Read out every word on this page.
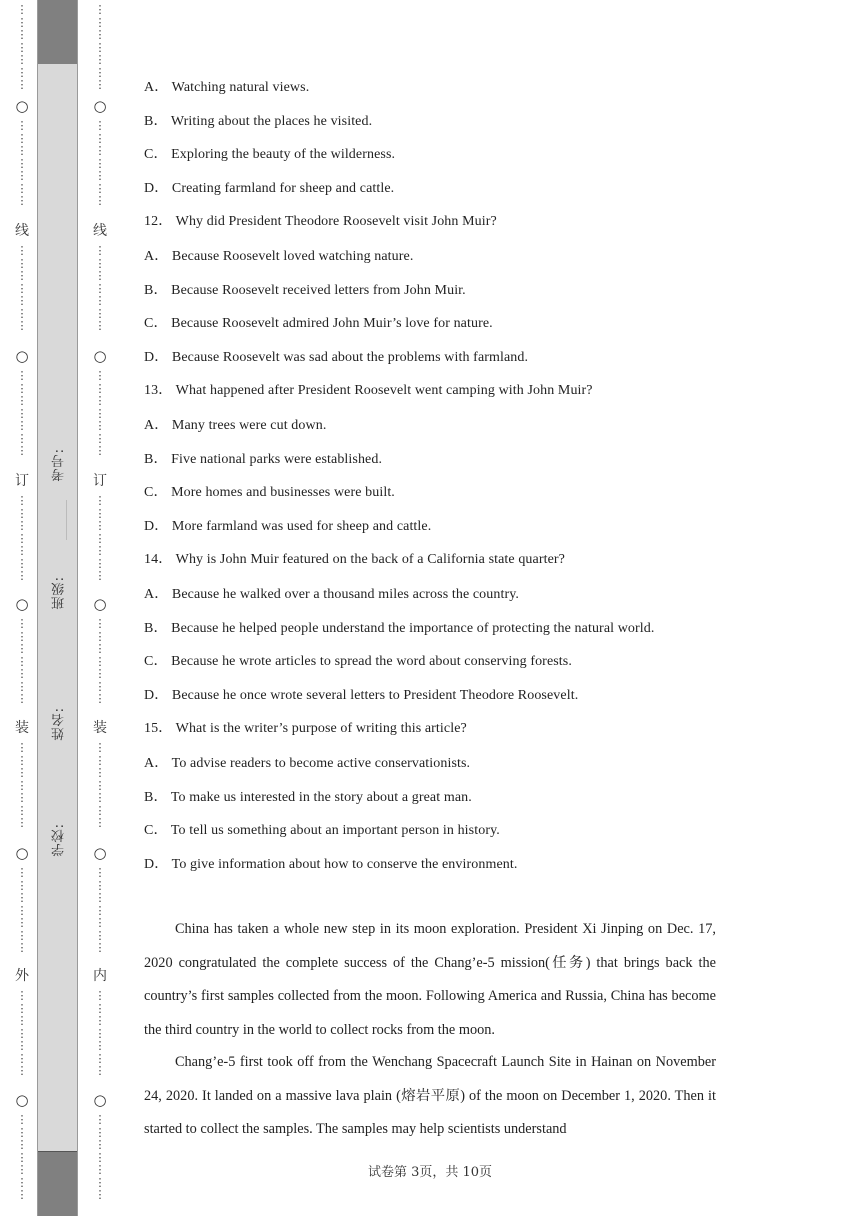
⋮
⋮
⋮
⋮
⋮
⋮
⋮
⋮
⋮
⋮
⋮
⋮
⋮
⋮
⋮
⋮
⋮
⋮
⋮
⋮
⋮
⋮
⋮
⋮
⋮
⋮
⋮
⋮
⋮
⋮
⋮
⋮
⋮
⋮
⋮
⋮
⋮
⋮
⋮
⋮
⋮
⋮
⋮
⋮
⋮
⋮
⋮
⋮
⋮
⋮
⋮
⋮
⋮
⋮
⋮
⋮
⋮
⋮
⋮
⋮
⋮
⋮
⋮
⋮
⋮
⋮
⋮
⋮
⋮
⋮
○
线
○
订
○
装
○
外
○
⋮
⋮
⋮
⋮
⋮
⋮
⋮
⋮
⋮
⋮
⋮
⋮
⋮
⋮
⋮
⋮
⋮
⋮
⋮
⋮
⋮
⋮
⋮
⋮
⋮
⋮
⋮
⋮
⋮
⋮
⋮
⋮
⋮
⋮
⋮
⋮
⋮
⋮
⋮
⋮
⋮
⋮
⋮
⋮
⋮
⋮
⋮
⋮
⋮
⋮
⋮
⋮
⋮
⋮
⋮
⋮
⋮
⋮
⋮
⋮
⋮
⋮
⋮
⋮
⋮
⋮
⋮
⋮
⋮
⋮
○
线
○
订
○
装
○
内
○
考号:
班级:
姓名:
学校:
A． Watching natural views.
B． Writing about the places he visited.
C． Exploring the beauty of the wilderness.
D． Creating farmland for sheep and cattle.
12． Why did President Theodore Roosevelt visit John Muir?
A． Because Roosevelt loved watching nature.
B． Because Roosevelt received letters from John Muir.
C． Because Roosevelt admired John Muir’s love for nature.
D． Because Roosevelt was sad about the problems with farmland.
13． What happened after President Roosevelt went camping with John Muir?
A． Many trees were cut down.
B． Five national parks were established.
C． More homes and businesses were built.
D． More farmland was used for sheep and cattle.
14． Why is John Muir featured on the back of a California state quarter?
A． Because he walked over a thousand miles across the country.
B． Because he helped people understand the importance of protecting the natural world.
C． Because he wrote articles to spread the word about conserving forests.
D． Because he once wrote several letters to President Theodore Roosevelt.
15． What is the writer’s purpose of writing this article?
A． To advise readers to become active conservationists.
B． To make us interested in the story about a great man.
C． To tell us something about an important person in history.
D． To give information about how to conserve the environment.
China has taken a whole new step in its moon exploration. President Xi Jinping on Dec. 17, 2020 congratulated the complete success of the Chang’e-5 mission(任务) that brings back the country’s first samples collected from the moon. Following America and Russia, China has become the third country in the world to collect rocks from the moon.
Chang’e-5 first took off from the Wenchang Spacecraft Launch Site in Hainan on November 24, 2020. It landed on a massive lava plain (熔岩平原) of the moon on December 1, 2020. Then it started to collect the samples. The samples may help scientists understand
试卷第 3页，共 10页
